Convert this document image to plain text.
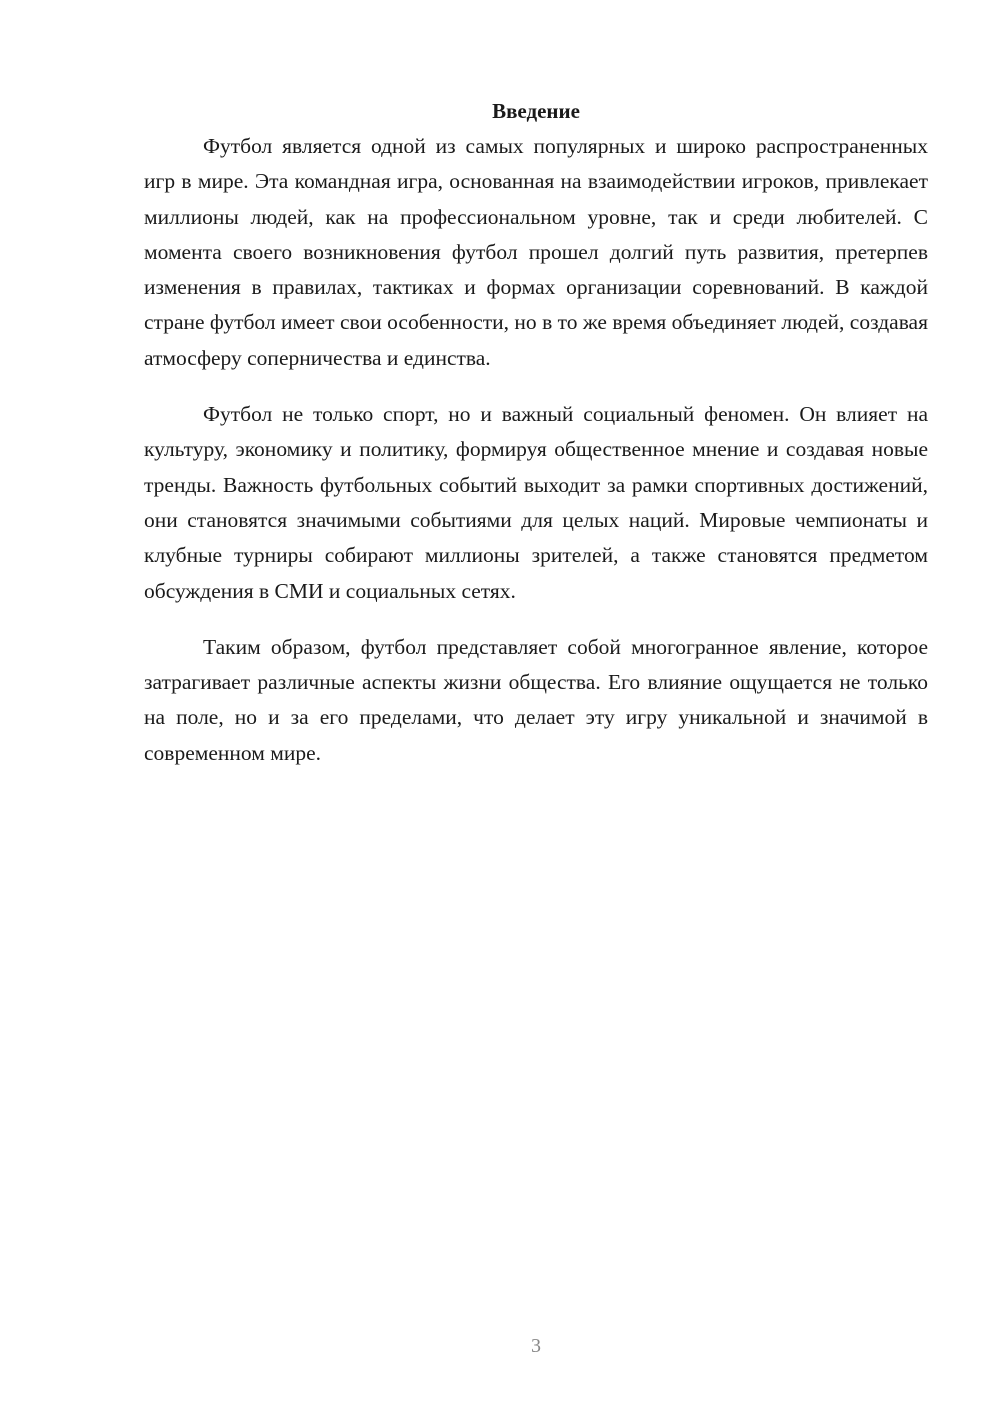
Введение

Футбол является одной из самых популярных и широко распространенных игр в мире. Эта командная игра, основанная на взаимодействии игроков, привлекает миллионы людей, как на профессиональном уровне, так и среди любителей. С момента своего возникновения футбол прошел долгий путь развития, претерпев изменения в правилах, тактиках и формах организации соревнований. В каждой стране футбол имеет свои особенности, но в то же время объединяет людей, создавая атмосферу соперничества и единства.

Футбол не только спорт, но и важный социальный феномен. Он влияет на культуру, экономику и политику, формируя общественное мнение и создавая новые тренды. Важность футбольных событий выходит за рамки спортивных достижений, они становятся значимыми событиями для целых наций. Мировые чемпионаты и клубные турниры собирают миллионы зрителей, а также становятся предметом обсуждения в СМИ и социальных сетях.

Таким образом, футбол представляет собой многогранное явление, которое затрагивает различные аспекты жизни общества. Его влияние ощущается не только на поле, но и за его пределами, что делает эту игру уникальной и значимой в современном мире.

3
